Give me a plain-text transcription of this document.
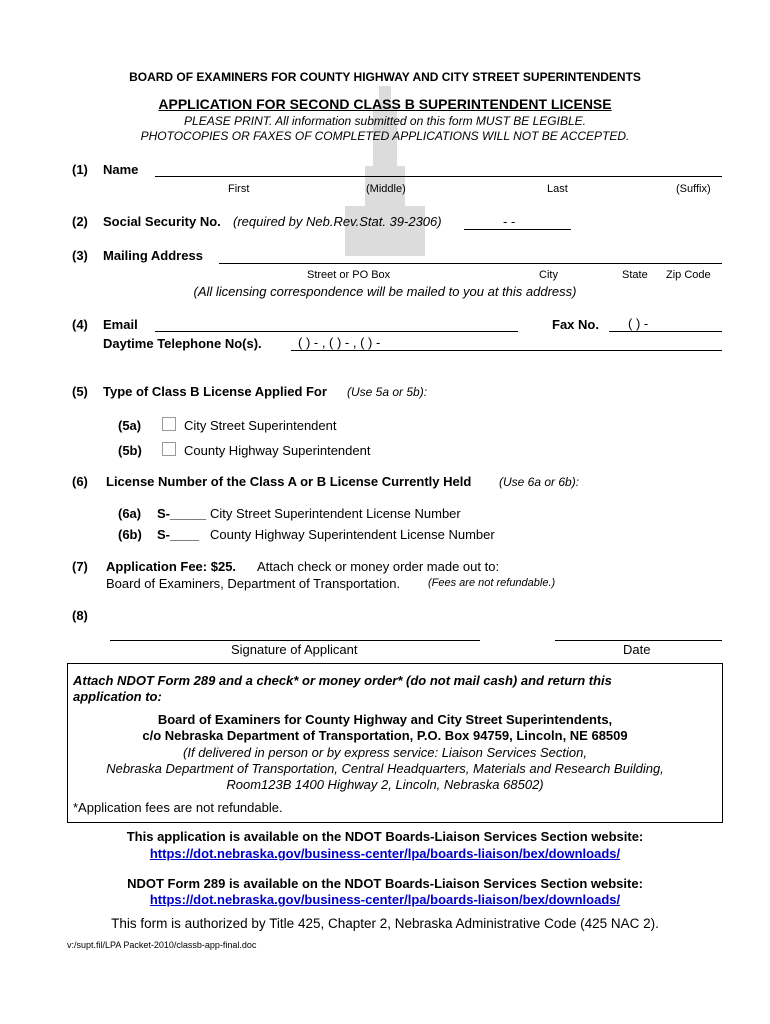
BOARD OF EXAMINERS FOR COUNTY HIGHWAY AND CITY STREET SUPERINTENDENTS
APPLICATION FOR SECOND CLASS B SUPERINTENDENT LICENSE
PLEASE PRINT. All information submitted on this form MUST BE LEGIBLE.
PHOTOCOPIES OR FAXES OF COMPLETED APPLICATIONS WILL NOT BE ACCEPTED.
(1) Name
First	(Middle)	Last	(Suffix)
(2) Social Security No. (required by Neb.Rev.Stat. 39-2306)	- -
(3) Mailing Address
Street or PO Box	City	State Zip Code
(All licensing correspondence will be mailed to you at this address)
(4) Email	Fax No. ( ) -
Daytime Telephone No(s).	( ) - , ( ) - , ( ) -
(5) Type of Class B License Applied For (Use 5a or 5b):
(5a)	City Street Superintendent
(5b)	County Highway Superintendent
(6) License Number of the Class A or B License Currently Held (Use 6a or 6b):
(6a) S-_____ City Street Superintendent License Number
(6b) S-____ County Highway Superintendent License Number
(7) Application Fee: $25. Attach check or money order made out to:
Board of Examiners, Department of Transportation.	(Fees are not refundable.)
(8)
Signature of Applicant	Date
Attach NDOT Form 289 and a check* or money order* (do not mail cash) and return this
application to:
Board of Examiners for County Highway and City Street Superintendents,
c/o Nebraska Department of Transportation, P.O. Box 94759, Lincoln, NE 68509
(If delivered in person or by express service: Liaison Services Section,
Nebraska Department of Transportation, Central Headquarters, Materials and Research Building,
Room123B 1400 Highway 2, Lincoln, Nebraska 68502)
*Application fees are not refundable.
This application is available on the NDOT Boards-Liaison Services Section website:
https://dot.nebraska.gov/business-center/lpa/boards-liaison/bex/downloads/
NDOT Form 289 is available on the NDOT Boards-Liaison Services Section website:
https://dot.nebraska.gov/business-center/lpa/boards-liaison/bex/downloads/
This form is authorized by Title 425, Chapter 2, Nebraska Administrative Code (425 NAC 2).
v:/supt.fil/LPA Packet-2010/classb-app-final.doc
